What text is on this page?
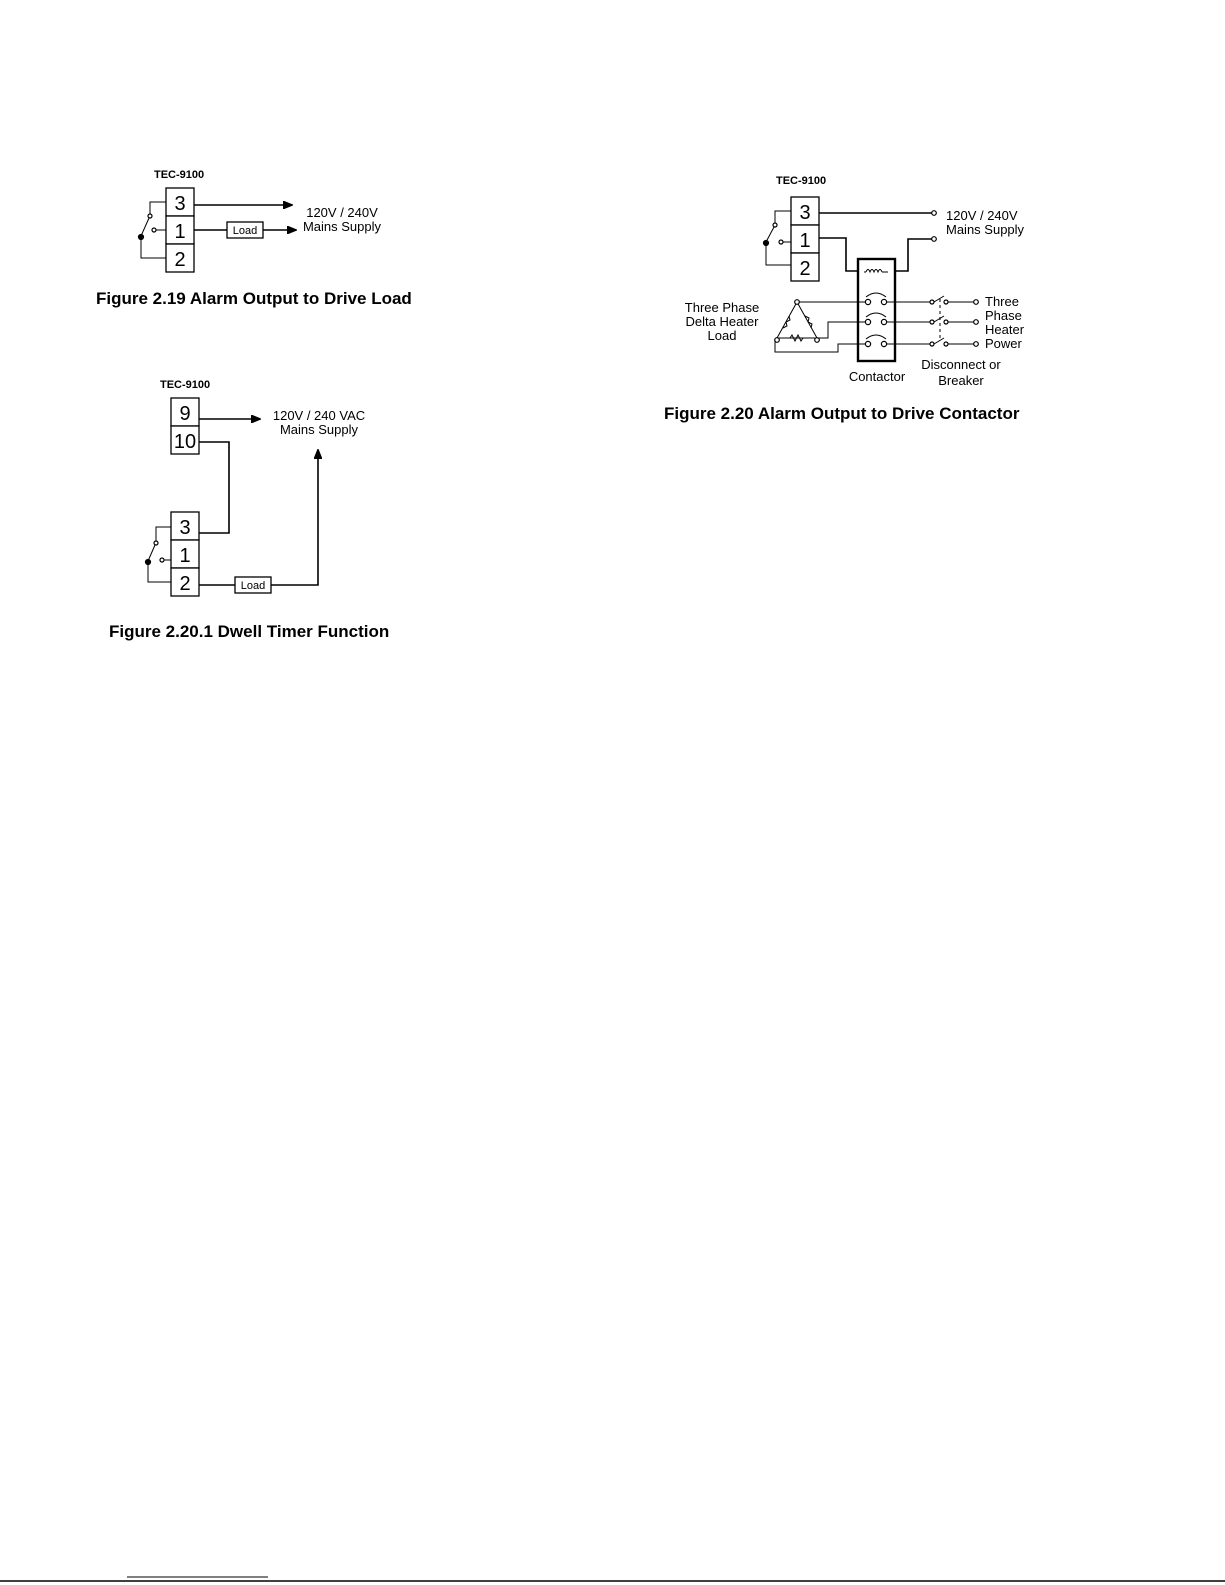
TEC-9100
3
1
2
Load
120V / 240V
Mains Supply
Figure 2.19 Alarm Output to Drive Load
TEC-9100
9
10
3
1
2	Load
120V / 240 VAC
Mains Supply
Figure 2.20.1 Dwell Timer Function
TEC-9100
3
1
2
120V / 240V
Mains Supply
Contactor
Three Phase
Delta Heater
Load
Three
Phase
Heater
Power
Disconnect or
Breaker
Figure 2.20 Alarm Output to Drive Contactor
